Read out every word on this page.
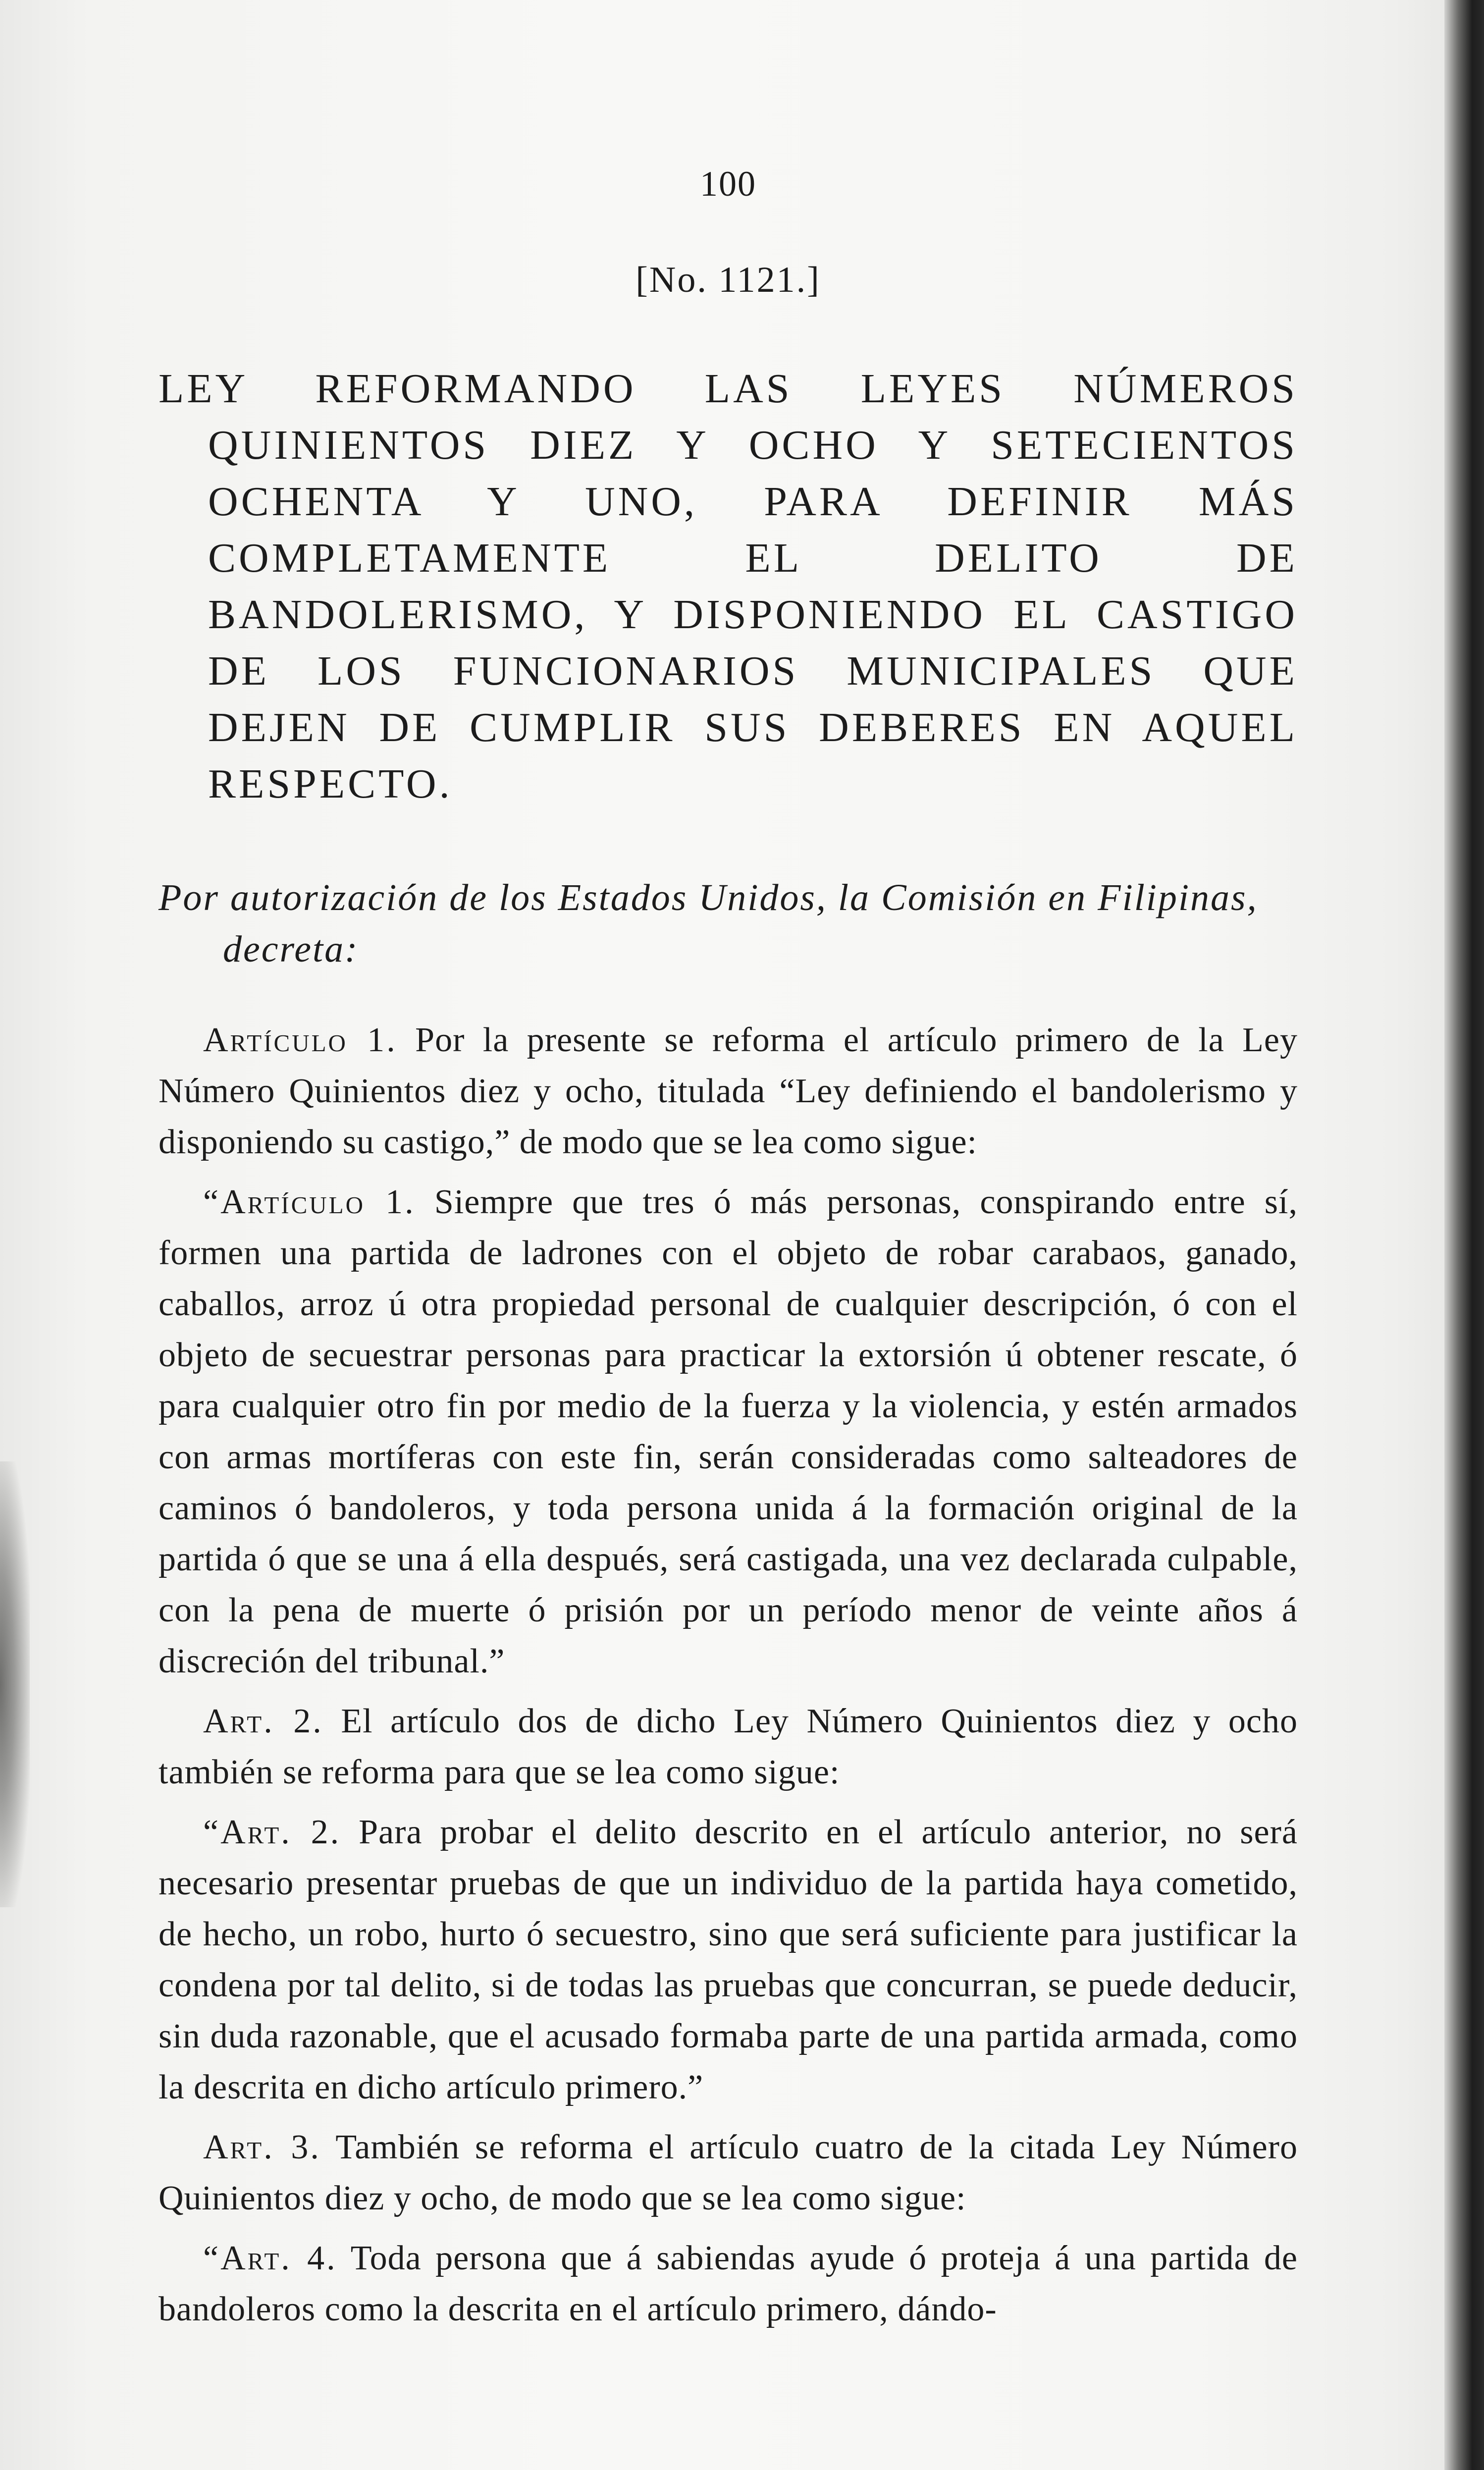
100
[No. 1121.]
LEY REFORMANDO LAS LEYES NÚMEROS QUINIENTOS DIEZ Y OCHO Y SETECIENTOS OCHENTA Y UNO, PARA DEFINIR MÁS COMPLETAMENTE EL DELITO DE BANDOLERISMO, Y DISPONIENDO EL CASTIGO DE LOS FUNCIONARIOS MUNICIPALES QUE DEJEN DE CUMPLIR SUS DEBERES EN AQUEL RESPECTO.
Por autorización de los Estados Unidos, la Comisión en Filipinas, decreta:

Artículo 1. Por la presente se reforma el artículo primero de la Ley Número Quinientos diez y ocho, titulada “Ley definiendo el bandolerismo y disponiendo su castigo,” de modo que se lea como sigue:

“Artículo 1. Siempre que tres ó más personas, conspirando entre sí, formen una partida de ladrones con el objeto de robar carabaos, ganado, caballos, arroz ú otra propiedad personal de cualquier descripción, ó con el objeto de secuestrar personas para practicar la extorsión ú obtener rescate, ó para cualquier otro fin por medio de la fuerza y la violencia, y estén armados con armas mortíferas con este fin, serán consideradas como salteadores de caminos ó bandoleros, y toda persona unida á la formación original de la partida ó que se una á ella después, será castigada, una vez declarada culpable, con la pena de muerte ó prisión por un período menor de veinte años á discreción del tribunal.”

Art. 2. El artículo dos de dicho Ley Número Quinientos diez y ocho también se reforma para que se lea como sigue:

“Art. 2. Para probar el delito descrito en el artículo anterior, no será necesario presentar pruebas de que un individuo de la partida haya cometido, de hecho, un robo, hurto ó secuestro, sino que será suficiente para justificar la condena por tal delito, si de todas las pruebas que concurran, se puede deducir, sin duda razonable, que el acusado formaba parte de una partida armada, como la descrita en dicho artículo primero.”

Art. 3. También se reforma el artículo cuatro de la citada Ley Número Quinientos diez y ocho, de modo que se lea como sigue:

“Art. 4. Toda persona que á sabiendas ayude ó proteja á una partida de bandoleros como la descrita en el artículo primero, dándo-
